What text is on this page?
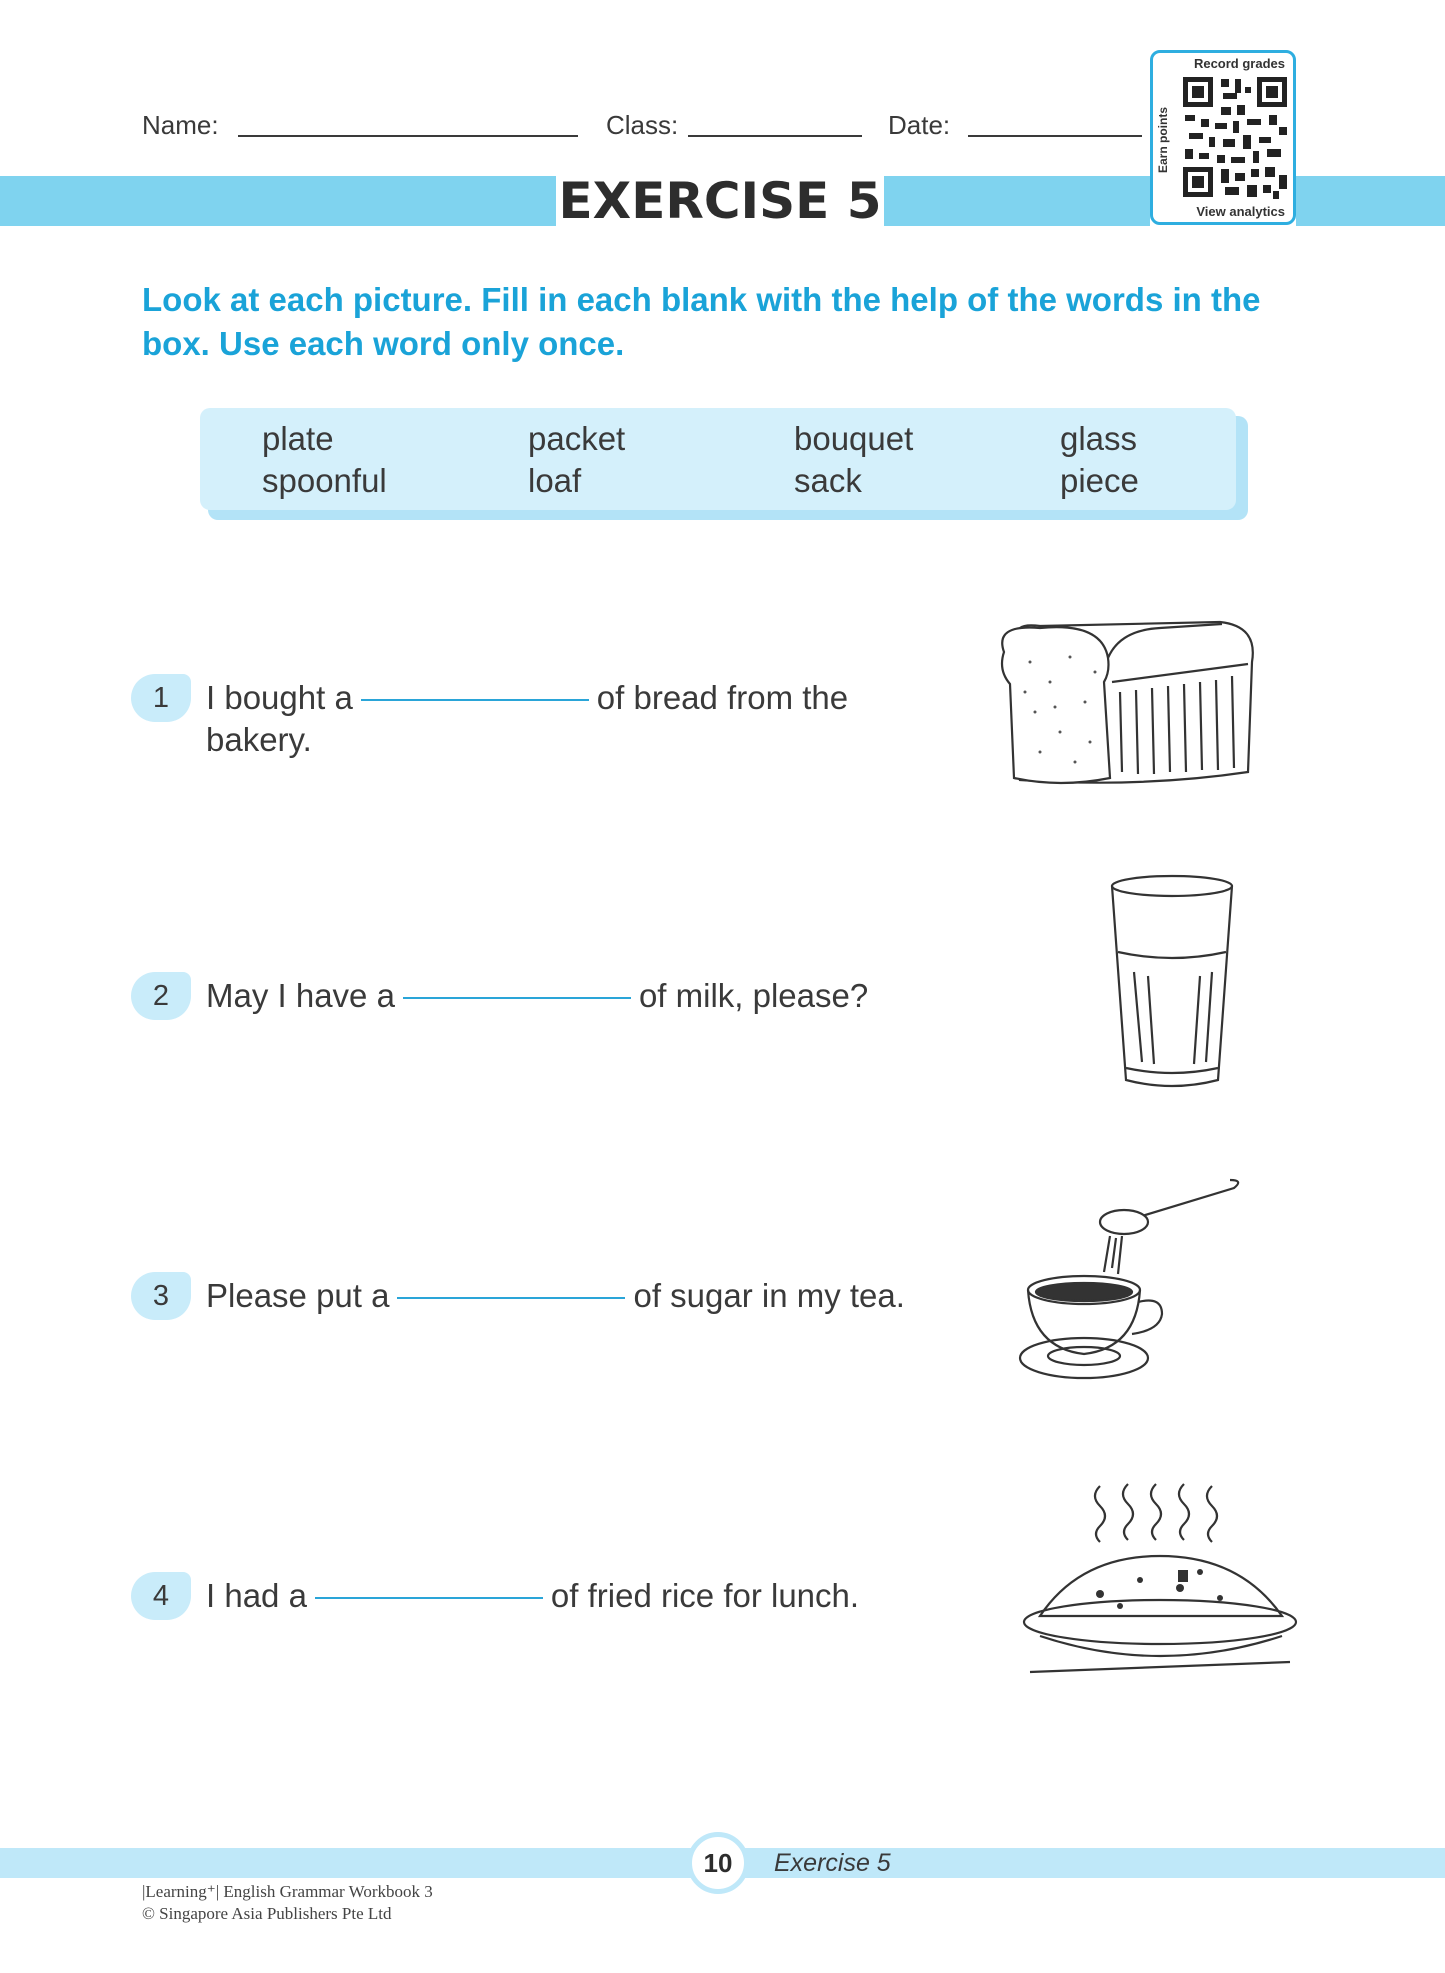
Name:	Class:	Date:
Record grades
Earn points
View analytics
EXERCISE 5
Look at each picture. Fill in each blank with the help of the words in the box. Use each word only once.
plate	packet	bouquet	glass
spoonful	loaf	sack	piece
1	I bought a	of bread from the
bakery.
2	May I have a	of milk, please?
3	Please put a	of sugar in my tea.
4	I had a	of fried rice for lunch.
10	Exercise 5
|Learning⁺| English Grammar Workbook 3
© Singapore Asia Publishers Pte Ltd
